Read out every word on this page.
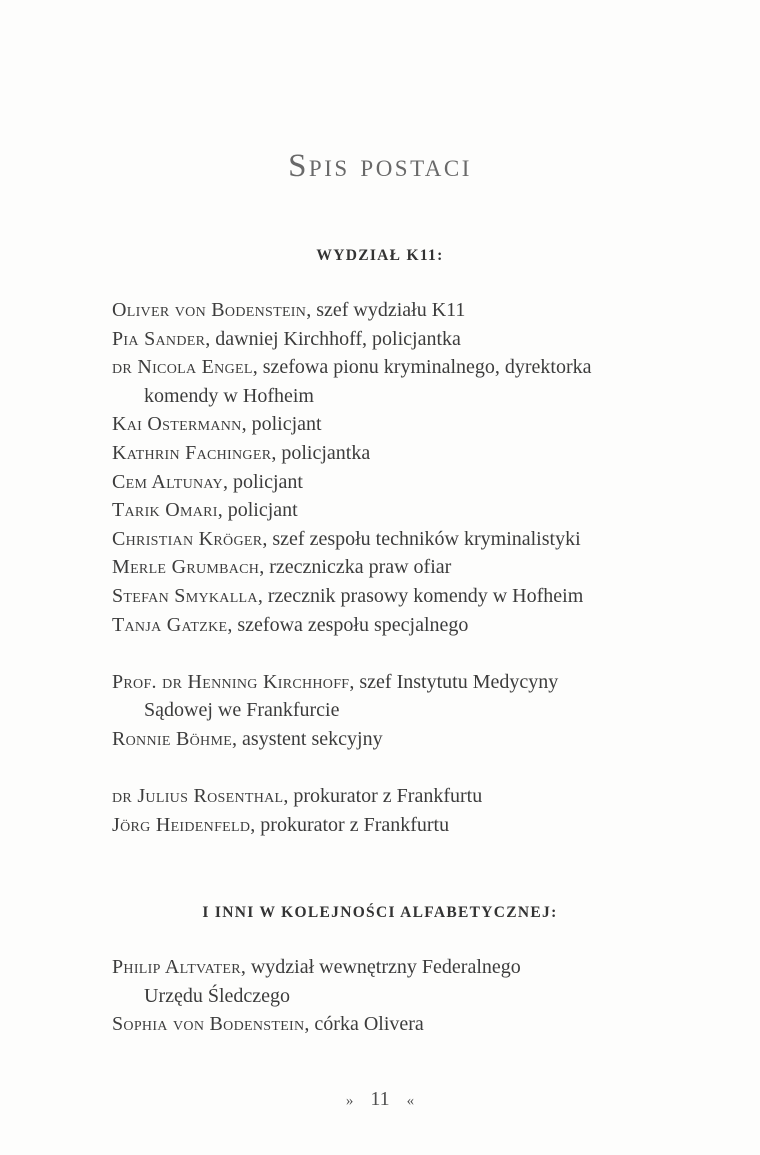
Spis postaci
WYDZIAŁ K11:

Oliver von Bodenstein, szef wydziału K11

Pia Sander, dawniej Kirchhoff, policjantka

dr Nicola Engel, szefowa pionu kryminalnego, dyrektorka
komendy w Hofheim

Kai Ostermann, policjant

Kathrin Fachinger, policjantka

Cem Altunay, policjant

Tarik Omari, policjant

Christian Kröger, szef zespołu techników kryminalistyki

Merle Grumbach, rzeczniczka praw ofiar

Stefan Smykalla, rzecznik prasowy komendy w Hofheim

Tanja Gatzke, szefowa zespołu specjalnego

Prof. dr Henning Kirchhoff, szef Instytutu Medycyny
Sądowej we Frankfurcie

Ronnie Böhme, asystent sekcyjny

dr Julius Rosenthal, prokurator z Frankfurtu

Jörg Heidenfeld, prokurator z Frankfurtu

I INNI W KOLEJNOŚCI ALFABETYCZNEJ:

Philip Altvater, wydział wewnętrzny Federalnego
Urzędu Śledczego

Sophia von Bodenstein, córka Olivera

» 11 «
